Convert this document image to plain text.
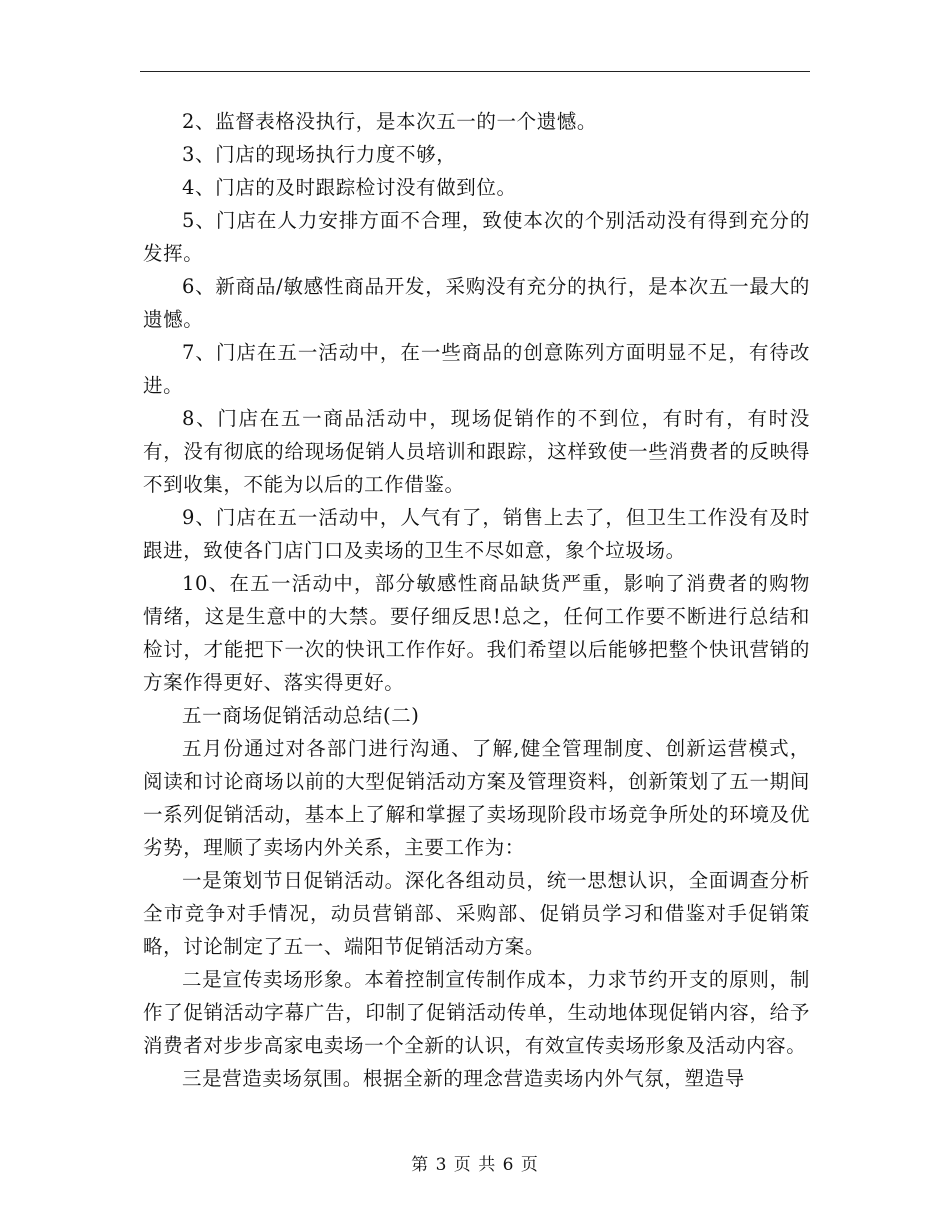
2、监督表格没执行，是本次五一的一个遗憾。

3、门店的现场执行力度不够，

4、门店的及时跟踪检讨没有做到位。

5、门店在人力安排方面不合理，致使本次的个别活动没有得到充分的发挥。

6、新商品/敏感性商品开发，采购没有充分的执行，是本次五一最大的遗憾。

7、门店在五一活动中，在一些商品的创意陈列方面明显不足，有待改进。

8、门店在五一商品活动中，现场促销作的不到位，有时有，有时没有，没有彻底的给现场促销人员培训和跟踪，这样致使一些消费者的反映得不到收集，不能为以后的工作借鉴。

9、门店在五一活动中，人气有了，销售上去了，但卫生工作没有及时跟进，致使各门店门口及卖场的卫生不尽如意，象个垃圾场。

10、在五一活动中，部分敏感性商品缺货严重，影响了消费者的购物情绪，这是生意中的大禁。要仔细反思!总之，任何工作要不断进行总结和检讨，才能把下一次的快讯工作作好。我们希望以后能够把整个快讯营销的方案作得更好、落实得更好。

五一商场促销活动总结(二)

五月份通过对各部门进行沟通、了解,健全管理制度、创新运营模式，阅读和讨论商场以前的大型促销活动方案及管理资料，创新策划了五一期间一系列促销活动，基本上了解和掌握了卖场现阶段市场竞争所处的环境及优劣势，理顺了卖场内外关系，主要工作为：

一是策划节日促销活动。深化各组动员，统一思想认识，全面调查分析全市竞争对手情况，动员营销部、采购部、促销员学习和借鉴对手促销策略，讨论制定了五一、端阳节促销活动方案。

二是宣传卖场形象。本着控制宣传制作成本，力求节约开支的原则，制作了促销活动字幕广告，印制了促销活动传单，生动地体现促销内容，给予消费者对步步高家电卖场一个全新的认识，有效宣传卖场形象及活动内容。

三是营造卖场氛围。根据全新的理念营造卖场内外气氛，塑造导

第 3 页 共 6 页
